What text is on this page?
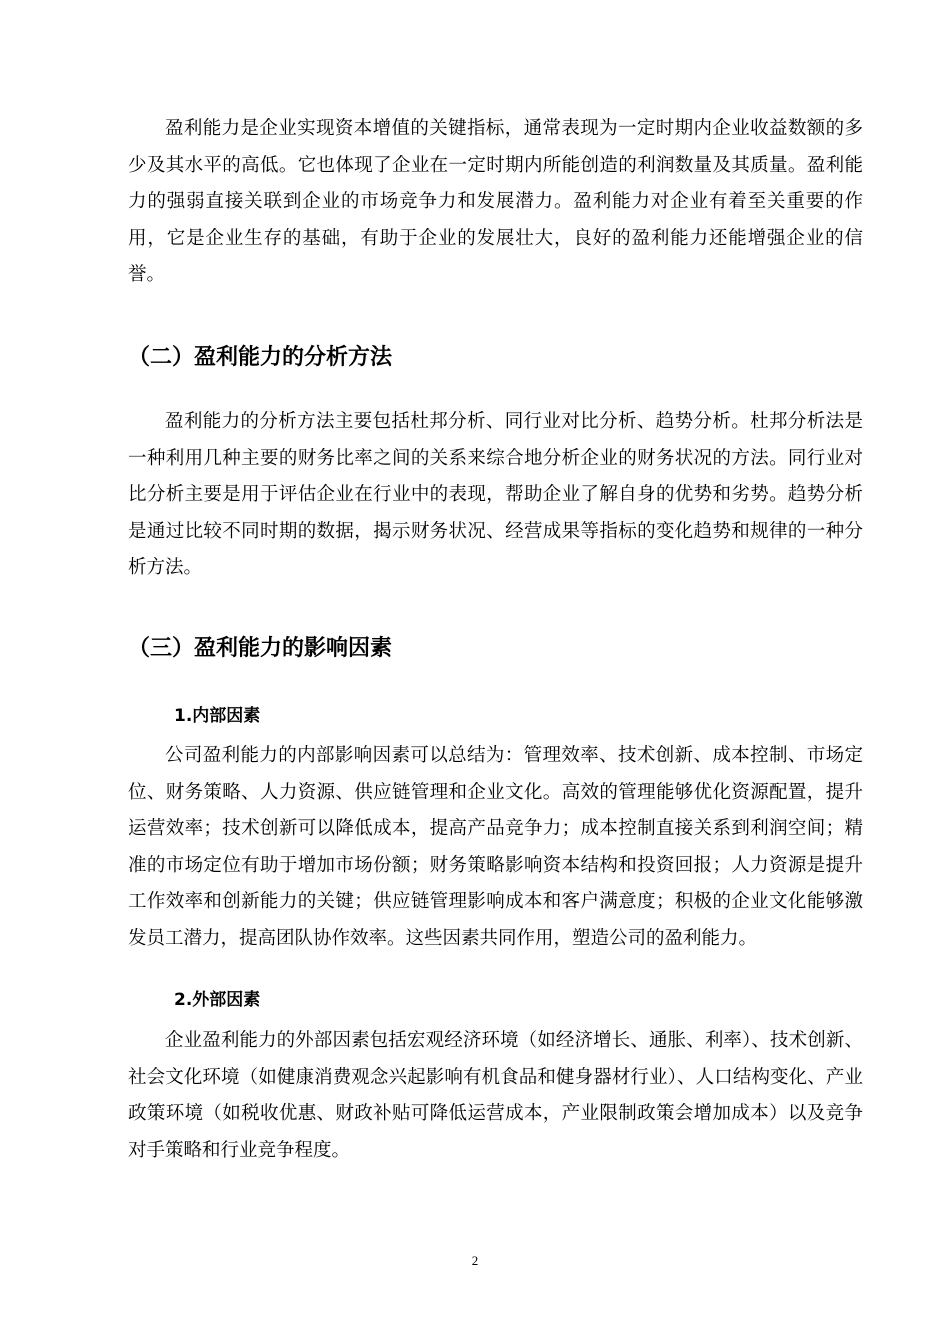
盈利能力是企业实现资本增值的关键指标，通常表现为一定时期内企业收益数额的多少及其水平的高低。它也体现了企业在一定时期内所能创造的利润数量及其质量。盈利能力的强弱直接关联到企业的市场竞争力和发展潜力。盈利能力对企业有着至关重要的作用，它是企业生存的基础，有助于企业的发展壮大，良好的盈利能力还能增强企业的信誉。

（二）盈利能力的分析方法

盈利能力的分析方法主要包括杜邦分析、同行业对比分析、趋势分析。杜邦分析法是一种利用几种主要的财务比率之间的关系来综合地分析企业的财务状况的方法。同行业对比分析主要是用于评估企业在行业中的表现，帮助企业了解自身的优势和劣势。趋势分析是通过比较不同时期的数据，揭示财务状况、经营成果等指标的变化趋势和规律的一种分析方法。

（三）盈利能力的影响因素
1.内部因素

公司盈利能力的内部影响因素可以总结为：管理效率、技术创新、成本控制、市场定位、财务策略、人力资源、供应链管理和企业文化。高效的管理能够优化资源配置，提升运营效率；技术创新可以降低成本，提高产品竞争力；成本控制直接关系到利润空间；精准的市场定位有助于增加市场份额；财务策略影响资本结构和投资回报；人力资源是提升工作效率和创新能力的关键；供应链管理影响成本和客户满意度；积极的企业文化能够激发员工潜力，提高团队协作效率。这些因素共同作用，塑造公司的盈利能力。

2.外部因素

企业盈利能力的外部因素包括宏观经济环境（如经济增长、通胀、利率）、技术创新、社会文化环境（如健康消费观念兴起影响有机食品和健身器材行业）、人口结构变化、产业政策环境（如税收优惠、财政补贴可降低运营成本，产业限制政策会增加成本）以及竞争对手策略和行业竞争程度。

2
